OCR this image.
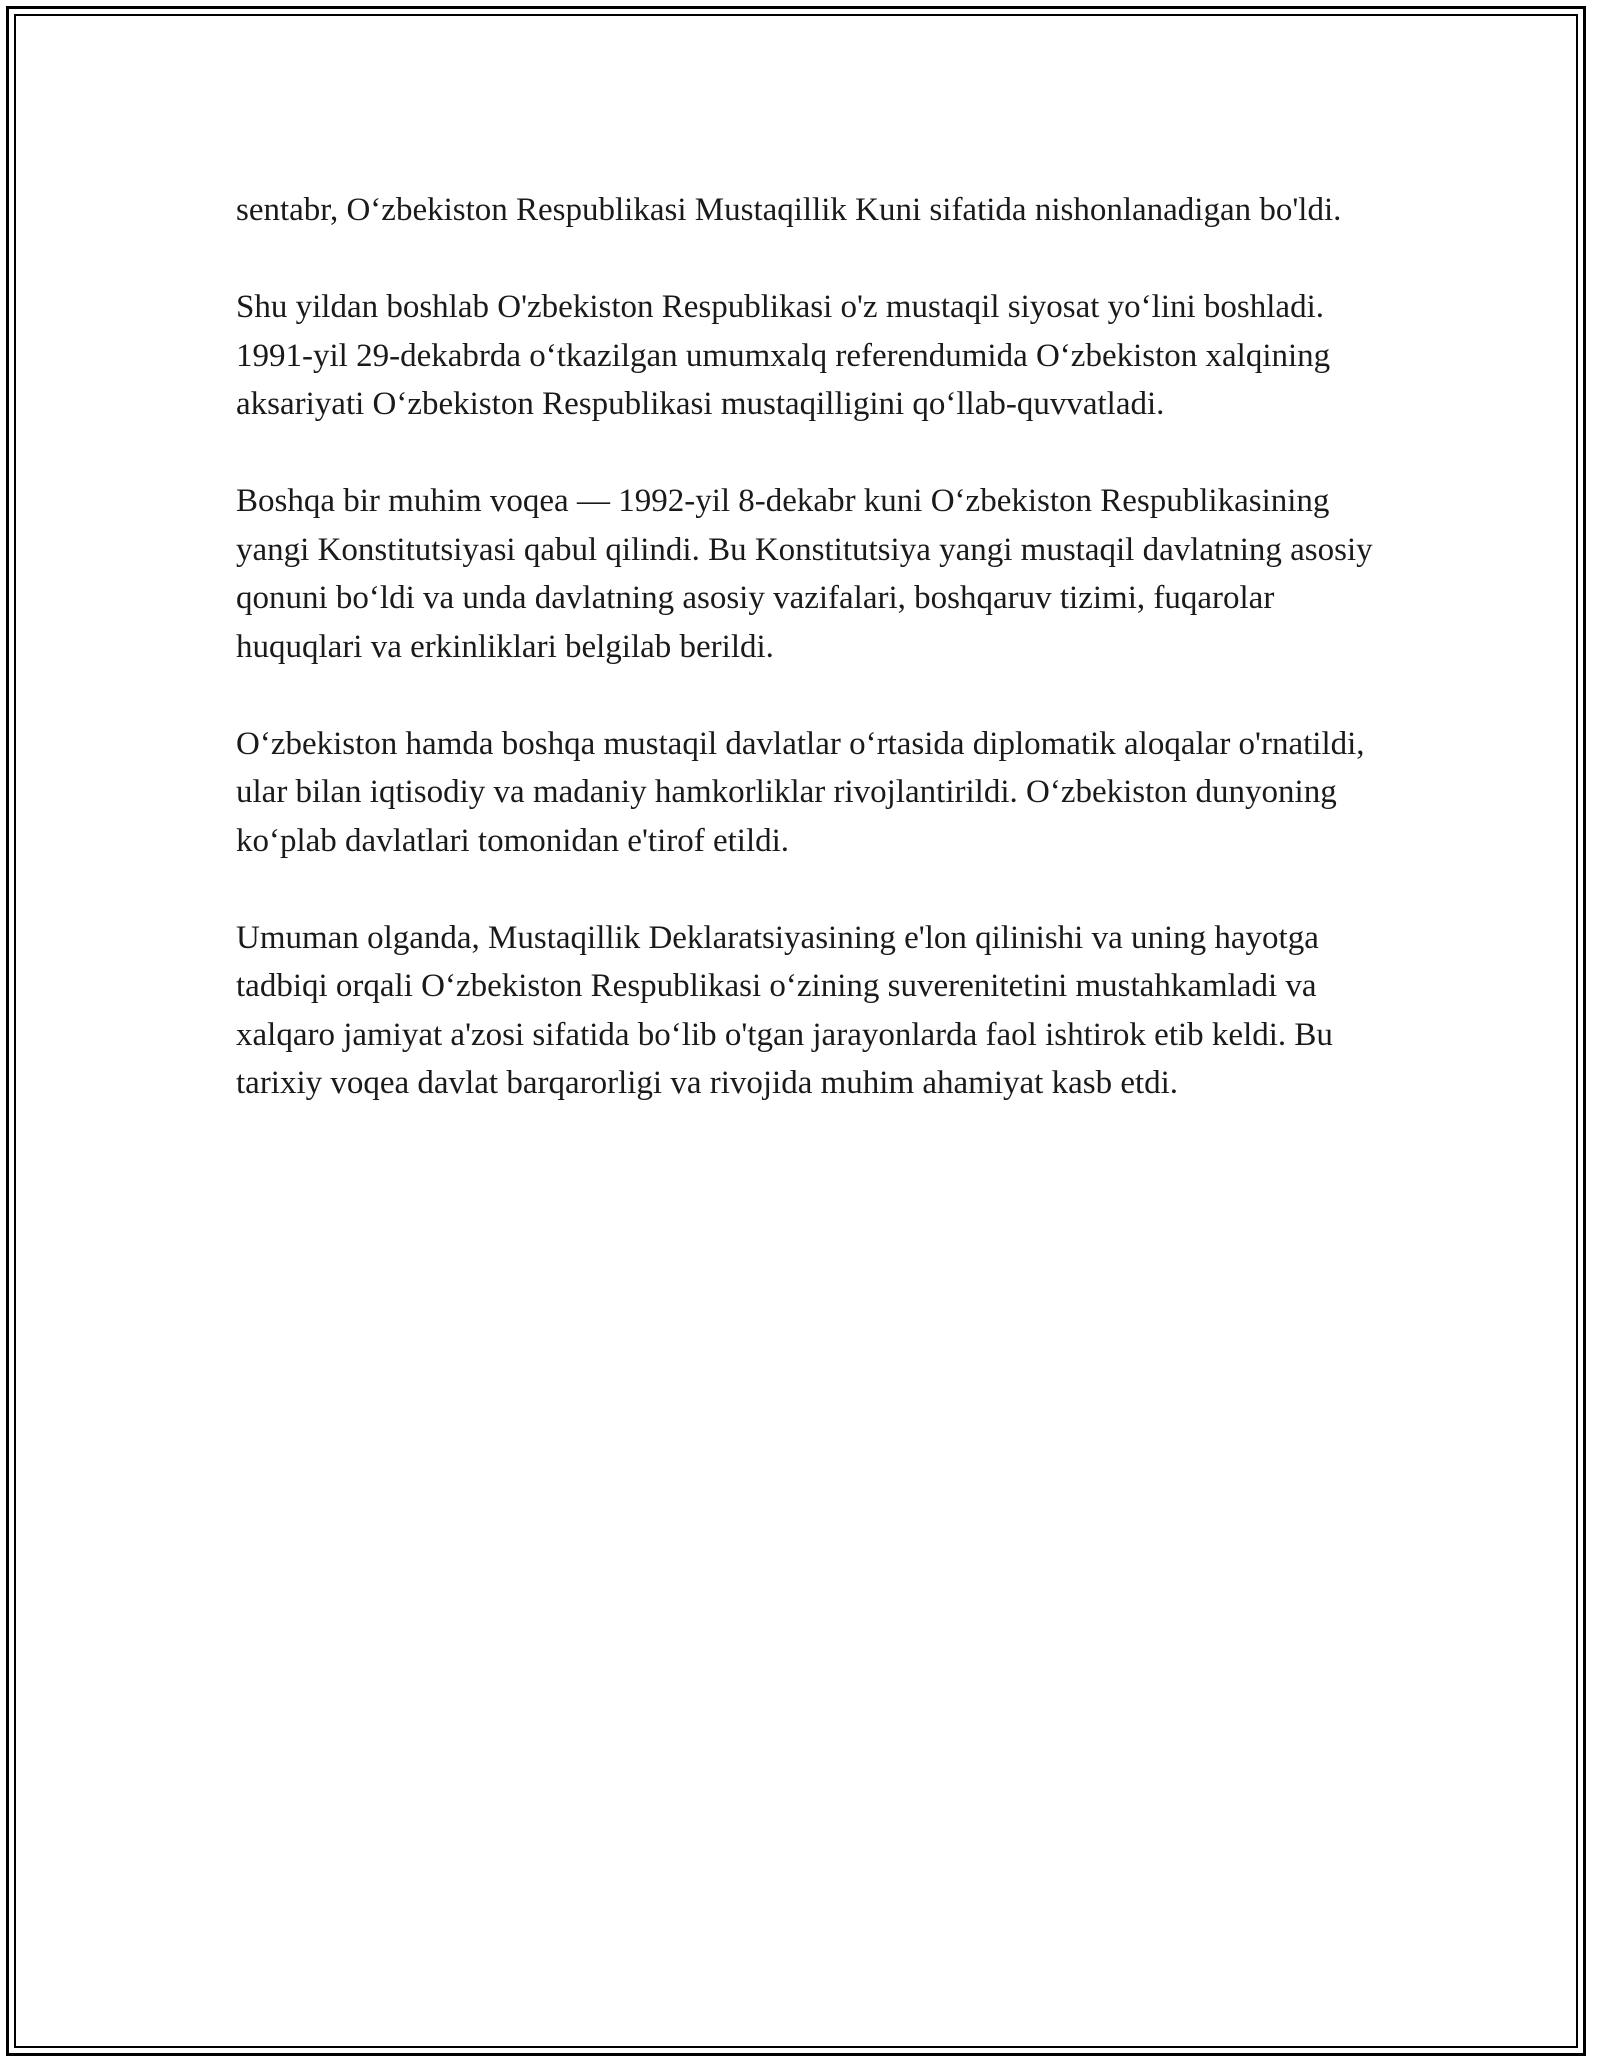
sentabr, O‘zbekiston Respublikasi Mustaqillik Kuni sifatida nishonlanadigan bo'ldi.

Shu yildan boshlab O'zbekiston Respublikasi o'z mustaqil siyosat yo‘lini boshladi. 1991-yil 29-dekabrda o‘tkazilgan umumxalq referendumida O‘zbekiston xalqining aksariyati O‘zbekiston Respublikasi mustaqilligini qo‘llab-quvvatladi.

Boshqa bir muhim voqea — 1992-yil 8-dekabr kuni O‘zbekiston Respublikasining yangi Konstitutsiyasi qabul qilindi. Bu Konstitutsiya yangi mustaqil davlatning asosiy qonuni bo‘ldi va unda davlatning asosiy vazifalari, boshqaruv tizimi, fuqarolar huquqlari va erkinliklari belgilab berildi.

O‘zbekiston hamda boshqa mustaqil davlatlar o‘rtasida diplomatik aloqalar o'rnatildi, ular bilan iqtisodiy va madaniy hamkorliklar rivojlantirildi. O‘zbekiston dunyoning ko‘plab davlatlari tomonidan e'tirof etildi.

Umuman olganda, Mustaqillik Deklaratsiyasining e'lon qilinishi va uning hayotga tadbiqi orqali O‘zbekiston Respublikasi o‘zining suverenitetini mustahkamladi va xalqaro jamiyat a'zosi sifatida bo‘lib o'tgan jarayonlarda faol ishtirok etib keldi. Bu tarixiy voqea davlat barqarorligi va rivojida muhim ahamiyat kasb etdi.
